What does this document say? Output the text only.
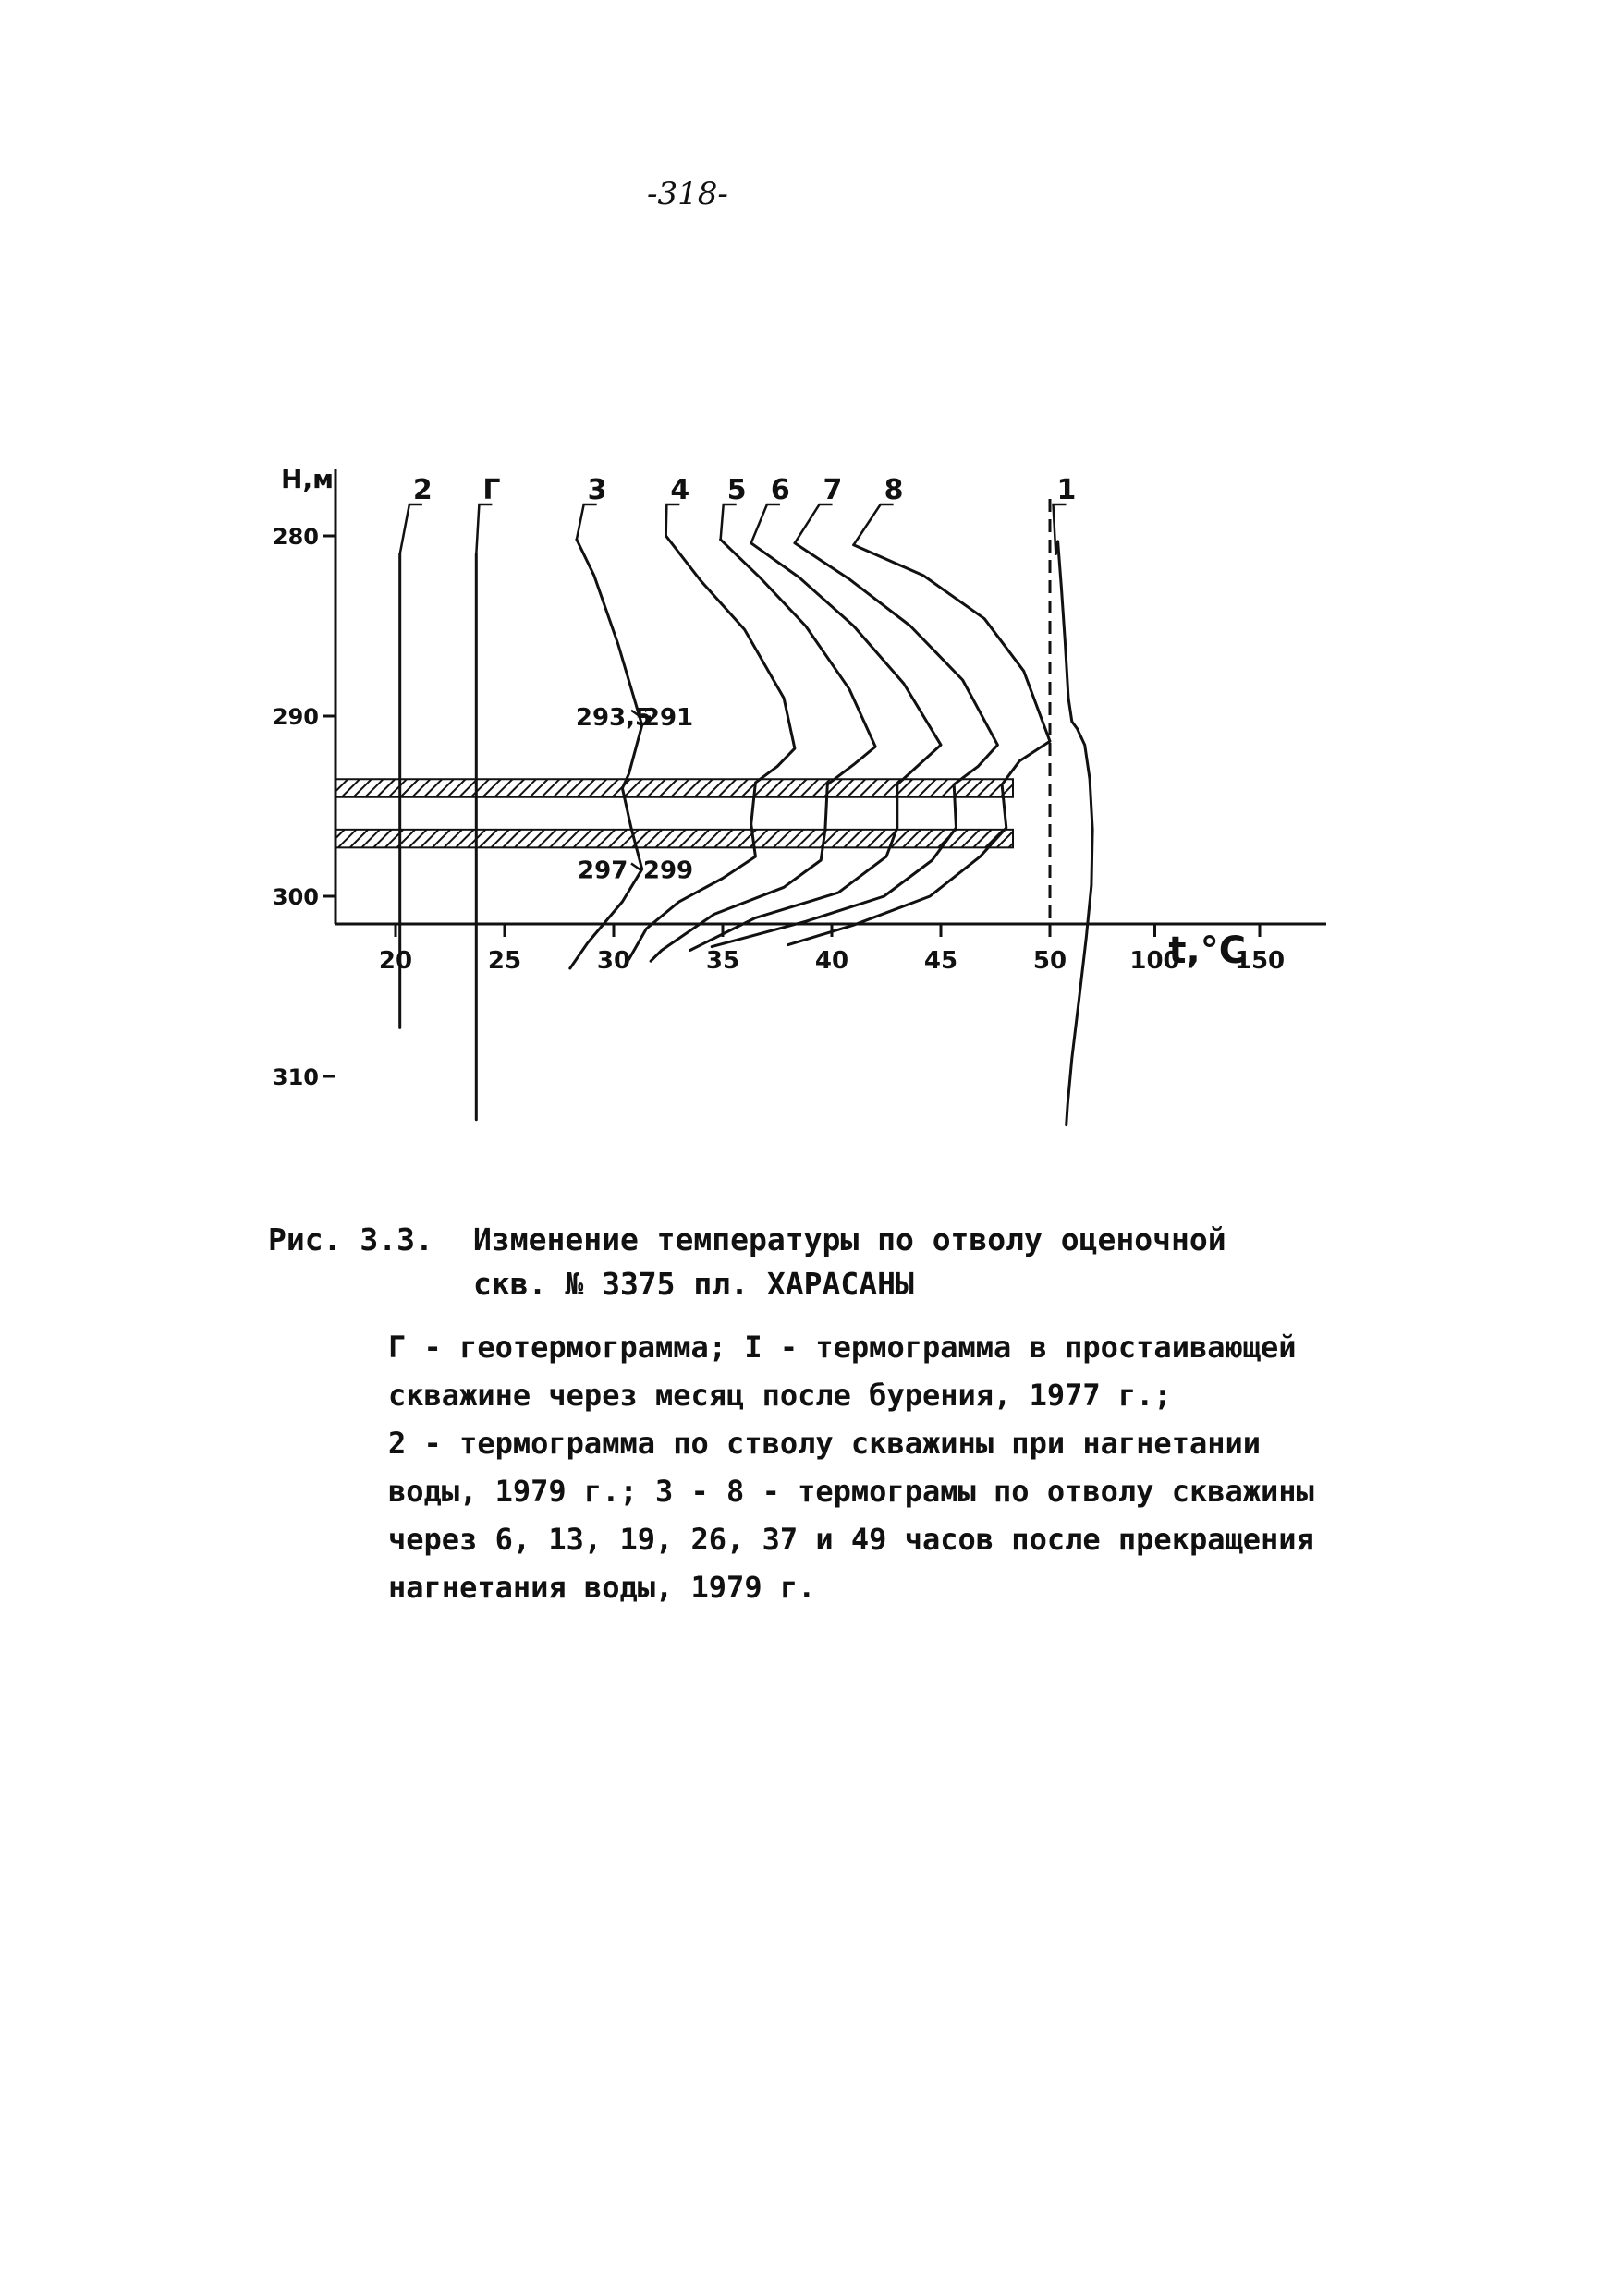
-318-
2 Г	3 4 5 6 7 8	1
280
290
300
310
Н,м
20	25	30	35	40	45	50	100 150
t,°C
293,5
291
297 299
Рис. 3.3. Изменение температуры по отволу оценочной
скв. № 3375 пл. ХАРАСАНЫ
Г - геотермограмма; I - термограмма в простаивающей
скважине через месяц после бурения, 1977 г.;
2 - термограмма по стволу скважины при нагнетании
воды, 1979 г.; 3 - 8 - термограмы по отволу скважины
через 6, 13, 19, 26, 37 и 49 часов после прекращения
нагнетания воды, 1979 г.
